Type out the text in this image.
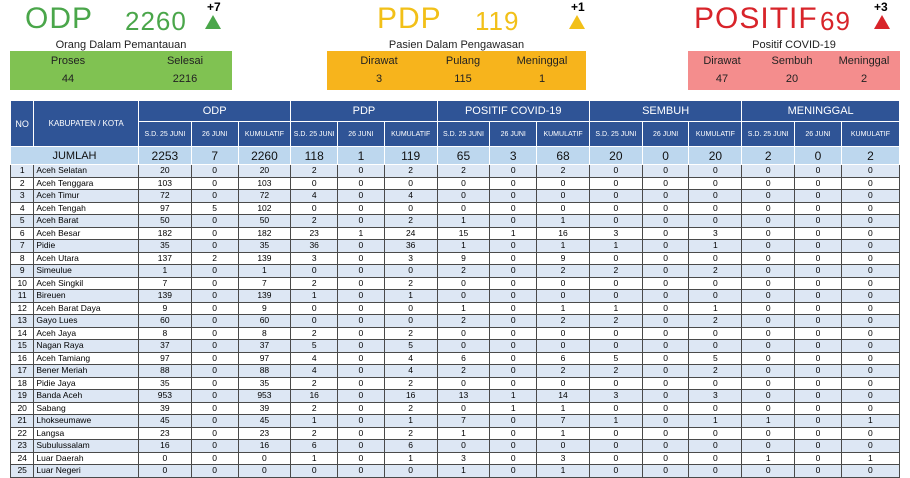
ODP 2260 +7
Orang Dalam Pemantauan
Proses
44
Selesai
2216
PDP 119	+1
Pasien Dalam Pengawasan
Dirawat
3
Pulang
115
Meninggal
1
POSITIF 69 +3
Positif COVID-19
Dirawat
47
Sembuh
20
Meninggal
2
NO	KABUPATEN / KOTA	ODP			PDP			POSITIF COVID-19			SEMBUH			MENINGGAL		
		S.D. 25 JUNI	26 JUNI	KUMULATIF	S.D. 25 JUNI	26 JUNI	KUMULATIF	S.D. 25 JUNI	26 JUNI	KUMULATIF	S.D. 25 JUNI	26 JUNI	KUMULATIF	S.D. 25 JUNI	26 JUNI	KUMULATIF
JUMLAH		2253	7	2260	118	1	119	65	3	68	20	0	20	2	0	2
1	Aceh Selatan	20	0	20	2	0	2	2	0	2	0	0	0	0	0	0
2	Aceh Tenggara	103	0	103	0	0	0	0	0	0	0	0	0	0	0	0
3	Aceh Timur	72	0	72	4	0	4	0	0	0	0	0	0	0	0	0
4	Aceh Tengah	97	5	102	0	0	0	0	0	0	0	0	0	0	0	0
5	Aceh Barat	50	0	50	2	0	2	1	0	1	0	0	0	0	0	0
6	Aceh Besar	182	0	182	23	1	24	15	1	16	3	0	3	0	0	0
7	Pidie	35	0	35	36	0	36	1	0	1	1	0	1	0	0	0
8	Aceh Utara	137	2	139	3	0	3	9	0	9	0	0	0	0	0	0
9	Simeulue	1	0	1	0	0	0	2	0	2	2	0	2	0	0	0
10	Aceh Singkil	7	0	7	2	0	2	0	0	0	0	0	0	0	0	0
11	Bireuen	139	0	139	1	0	1	0	0	0	0	0	0	0	0	0
12	Aceh Barat Daya	9	0	9	0	0	0	1	0	1	1	0	1	0	0	0
13	Gayo Lues	60	0	60	0	0	0	2	0	2	2	0	2	0	0	0
14	Aceh Jaya	8	0	8	2	0	2	0	0	0	0	0	0	0	0	0
15	Nagan Raya	37	0	37	5	0	5	0	0	0	0	0	0	0	0	0
16	Aceh Tamiang	97	0	97	4	0	4	6	0	6	5	0	5	0	0	0
17	Bener Meriah	88	0	88	4	0	4	2	0	2	2	0	2	0	0	0
18	Pidie Jaya	35	0	35	2	0	2	0	0	0	0	0	0	0	0	0
19	Banda Aceh	953	0	953	16	0	16	13	1	14	3	0	3	0	0	0
20	Sabang	39	0	39	2	0	2	0	1	1	0	0	0	0	0	0
21	Lhokseumawe	45	0	45	1	0	1	7	0	7	1	0	1	1	0	1
22	Langsa	23	0	23	2	0	2	1	0	1	0	0	0	0	0	0
23	Subulussalam	16	0	16	6	0	6	0	0	0	0	0	0	0	0	0
24	Luar Daerah	0	0	0	1	0	1	3	0	3	0	0	0	1	0	1
25	Luar Negeri	0	0	0	0	0	0	1	0	1	0	0	0	0	0	0
